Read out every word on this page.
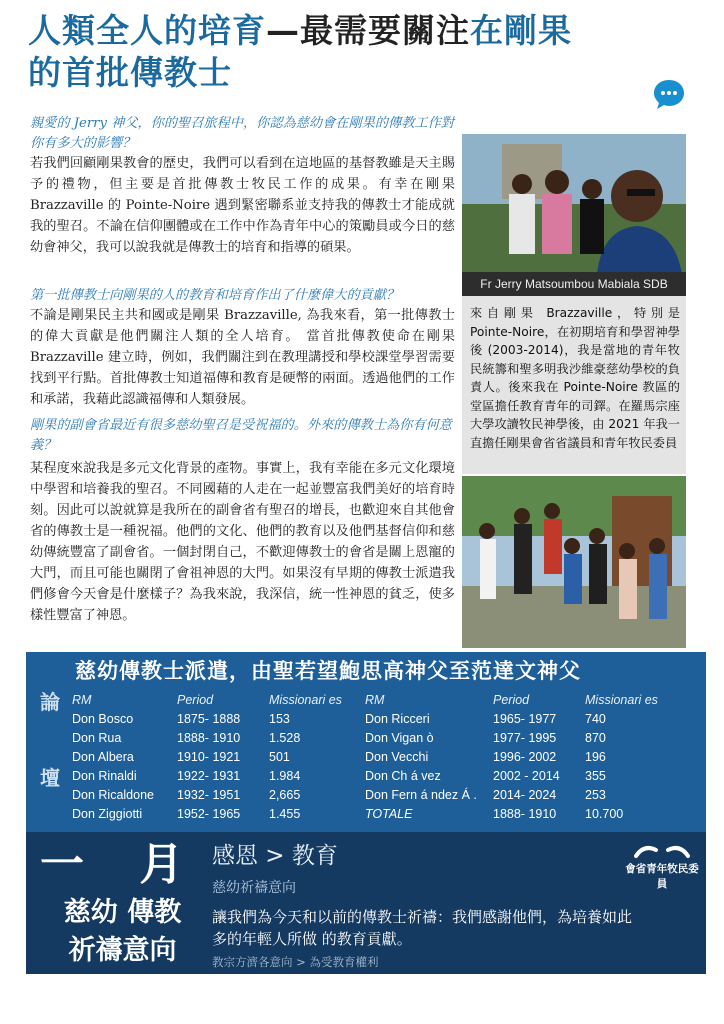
人類全人的培育—最需要關注在剛果
的首批傳教士
親愛的 Jerry 神父，你的聖召旅程中，你認為慈幼會在剛果的傳教工作對你有多大的影響？
若我們回顧剛果教會的歷史，我們可以看到在這地區的基督教雖是天主賜予的禮物，但主要是首批傳教士牧民工作的成果。有幸在剛果 Brazzaville 的 Pointe-Noire 遇到緊密聯系並支持我的傳教士才能成就我的聖召。不論在信仰團體或在工作中作為青年中心的策勵員或今日的慈幼會神父，我可以說我就是傳教士的培育和指導的碩果。
第一批傳教士向剛果的人的教育和培育作出了什麼偉大的貢獻？
不論是剛果民主共和國或是剛果 Brazzaville, 為我來看，第一批傳教士的偉大貢獻是他們關注人類的全人培育。 當首批傳教使命在剛果 Brazzaville 建立時，例如，我們關注到在教理講授和學校課堂學習需要找到平行點。首批傳教士知道福傳和教育是硬幣的兩面。透過他們的工作和承諾，我藉此認識福傳和人類發展。
剛果的副會省最近有很多慈幼聖召是受祝福的。外來的傳教士為你有何意義？
某程度來說我是多元文化背景的產物。事實上，我有幸能在多元文化環境中學習和培養我的聖召。不同國藉的人走在一起並豐富我們美好的培育時刻。因此可以說就算是我所在的副會省有聖召的增長，也歡迎來自其他會省的傳教士是一種祝福。他們的文化、他們的教育以及他們基督信仰和慈幼傳統豐富了副會省。一個封閉自己，不歡迎傳教士的會省是關上恩寵的大門，而且可能也關閉了會祖神恩的大門。如果沒有早期的傳教士派遣我們修會今天會是什麼樣子？為我來說，我深信，統一性神恩的貧乏，使多樣性豐富了神恩。
Fr Jerry Matsoumbou Mabiala SDB
來自剛果 Brazzaville，特別是 Pointe-Noire，在初期培育和學習神學後 (2003-2014)，我是當地的青年牧民統籌和聖多明我沙維豪慈幼學校的負責人。後來我在 Pointe-Noire 教區的堂區擔任教育青年的司鐸。在羅馬宗座大學攻讀牧民神學後，由 2021 年我一直擔任剛果會省省議員和青年牧民委員
慈幼傳教士派遣，由聖若望鮑思高神父至范達文神父
論
壇
RM	Period	Missionari es	RM	Period	Missionari es
Don Bosco	1875- 1888	153	Don Ricceri	1965- 1977	740
Don Rua	1888- 1910	1.528	Don Vigan ò	1977- 1995	870
Don Albera	1910- 1921	501	Don Vecchi	1996- 2002	196
Don Rinaldi	1922- 1931	1.984	Don Ch á vez	2002 - 2014	355
Don Ricaldone	1932- 1951	2,665	Don Fern á ndez Á .	2014- 2024	253
Don Ziggiotti	1952- 1965	1.455	TOTALE	1888- 1910	10.700
一 月
慈幼 傳教
祈禱意向
感恩 > 教育
慈幼祈禱意向
讓我們為今天和以前的傳教士祈禱：我們感謝他們，為培養如此多的年輕人所做 的教育貢獻。
教宗方濟各意向 > 為受教育權利
會省青年牧民委員
